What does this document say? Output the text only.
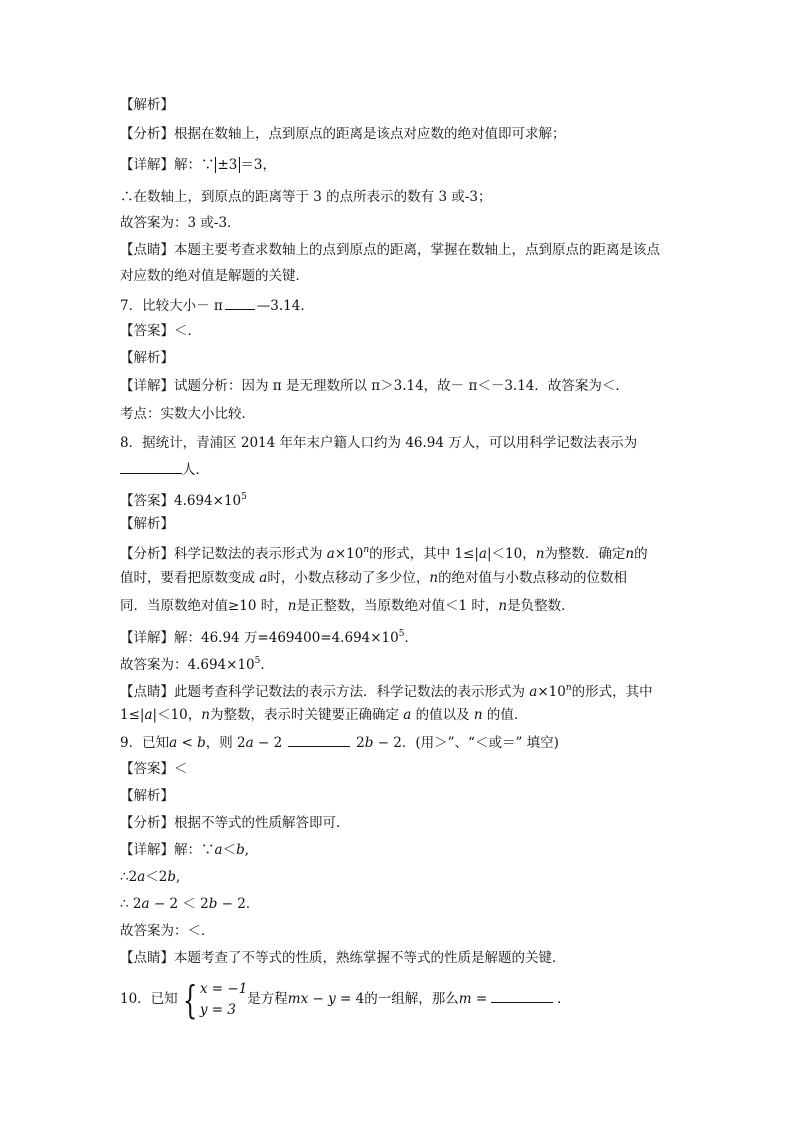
【解析】
【分析】根据在数轴上，点到原点的距离是该点对应数的绝对值即可求解；
【详解】解：∵ ±3 ＝3，
∴在数轴上，到原点的距离等于 3 的点所表示的数有 3 或-3；
故答案为：3 或-3．
【点睛】本题主要考查求数轴上的点到原点的距离，掌握在数轴上，点到原点的距离是该点
对应数的绝对值是解题的关键．
7．比较大小－ π	—3.14．
【答案】＜．
【解析】
【详解】试题分析：因为 π 是无理数所以 π＞3.14，故－ π＜－3.14．故答案为＜．
考点：实数大小比较．
8．据统计，青浦区 2014 年年末户籍人口约为 46.94 万人，可以用科学记数法表示为
人．
【答案】$4.694\times 10^5$
【解析】
【分析】科学记数法的表示形式为 $a\times 10^n$的形式，其中 1≤|a|＜10，n为整数．确定n的
值时，要看把原数变成 a时，小数点移动了多少位，n的绝对值与小数点移动的位数相
同．当原数绝对值≥10 时，n是正整数，当原数绝对值＜1 时，n是负整数．
【详解】解：46.94 万$=469400=4.694\times 10^5$．
故答案为：$4.694\times 10^5$．
【点睛】此题考查科学记数法的表示方法．科学记数法的表示形式为 $a\times 10^n$的形式，其中
1≤|a|＜10，n为整数，表示时关键要正确确定 a 的值以及 n 的值．
9．已知a < b，则 2a − 2	2b − 2．(用＞”、“＜或＝” 填空)
【答案】＜
【解析】
【分析】根据不等式的性质解答即可．
【详解】解：∵a＜b,
∴2a＜2b,
∴ 2a − 2 ＜ 2b − 2．
故答案为：＜．
【点睛】本题考查了不等式的性质，熟练掌握不等式的性质是解题的关键．
10．已知 { x = −1
y = 3
是方程mx − y = 4的一组解，那么m =	．
